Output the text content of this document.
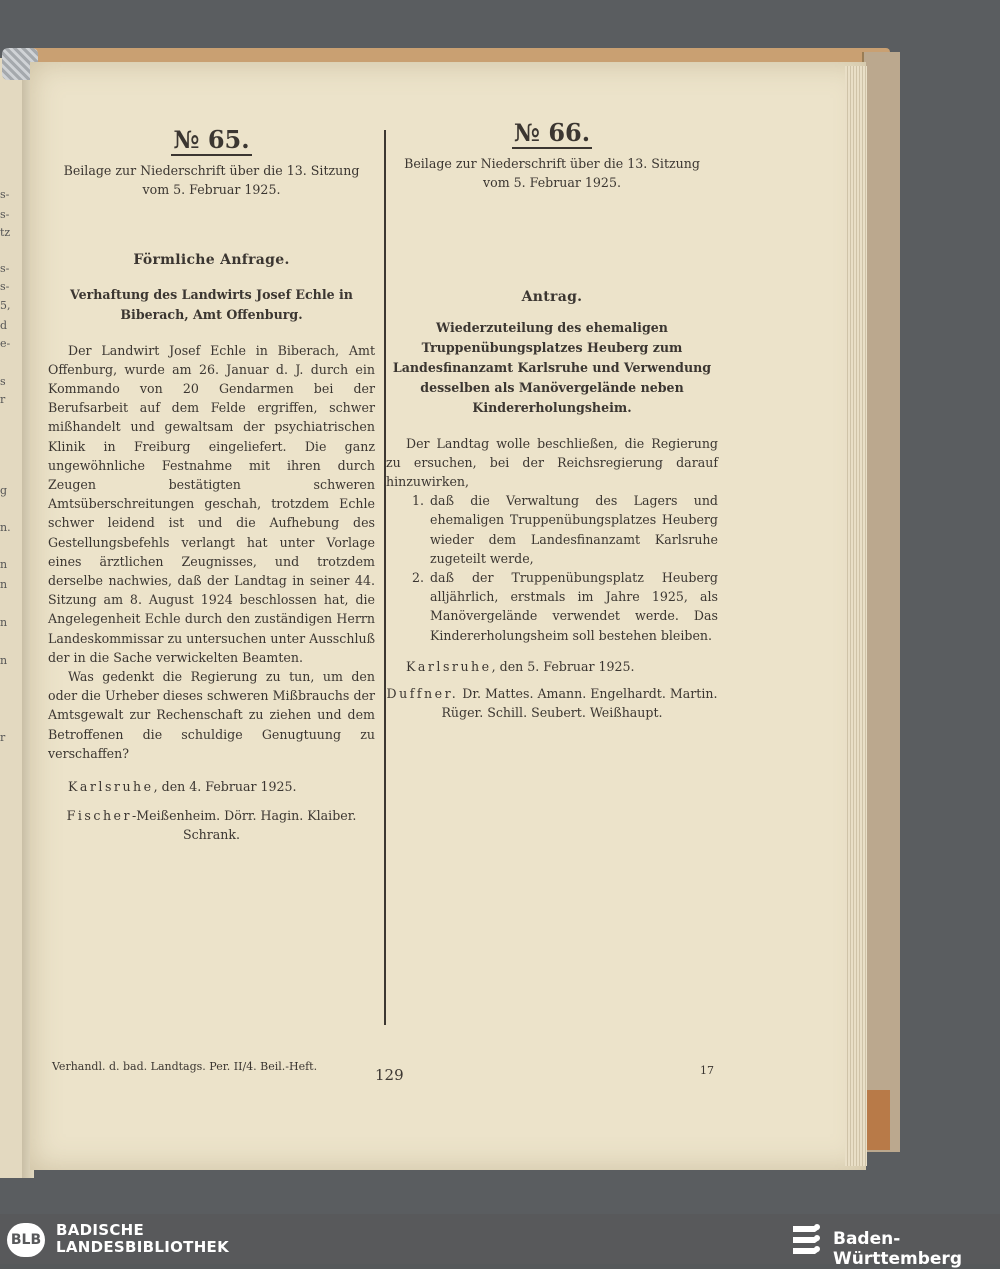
s-
s-
tz
s-
s-
5,
d
e-
s
r
g
n.
n
n
n
n
r
№ 65.
Beilage zur Niederschrift über die 13. Sitzung vom 5. Februar 1925.
Förmliche Anfrage.
Verhaftung des Landwirts Josef Echle in Biberach, Amt Offenburg.
Der Landwirt Josef Echle in Biberach, Amt Offenburg, wurde am 26. Januar d. J. durch ein Kommando von 20 Gendarmen bei der Berufsarbeit auf dem Felde ergriffen, schwer mißhandelt und gewaltsam der psychiatrischen Klinik in Freiburg eingeliefert. Die ganz ungewöhnliche Festnahme mit ihren durch Zeugen bestätigten schweren Amtsüberschreitungen geschah, trotzdem Echle schwer leidend ist und die Aufhebung des Gestellungsbefehls verlangt hat unter Vorlage eines ärztlichen Zeugnisses, und trotzdem derselbe nachwies, daß der Landtag in seiner 44. Sitzung am 8. August 1924 beschlossen hat, die Angelegenheit Echle durch den zuständigen Herrn Landeskommissar zu untersuchen unter Ausschluß der in die Sache verwickelten Beamten.
Was gedenkt die Regierung zu tun, um den oder die Urheber dieses schweren Mißbrauchs der Amtsgewalt zur Rechenschaft zu ziehen und dem Betroffenen die schuldige Genugtuung zu verschaffen?
Karlsruhe, den 4. Februar 1925.
Fischer-Meißenheim. Dörr. Hagin. Klaiber. Schrank.
№ 66.
Beilage zur Niederschrift über die 13. Sitzung vom 5. Februar 1925.
Antrag.
Wiederzuteilung des ehemaligen Truppenübungsplatzes Heuberg zum Landesfinanzamt Karlsruhe und Verwendung desselben als Manövergelände neben Kindererholungsheim.
Der Landtag wolle beschließen, die Regierung zu ersuchen, bei der Reichsregierung darauf hinzuwirken,
1. daß die Verwaltung des Lagers und ehemaligen Truppenübungsplatzes Heuberg wieder dem Landesfinanzamt Karlsruhe zugeteilt werde,
2. daß der Truppenübungsplatz Heuberg alljährlich, erstmals im Jahre 1925, als Manövergelände verwendet werde. Das Kindererholungsheim soll bestehen bleiben.
Karlsruhe, den 5. Februar 1925.
Duffner. Dr. Mattes. Amann. Engelhardt. Martin. Rüger. Schill. Seubert. Weißhaupt.
Verhandl. d. bad. Landtags. Per. II/4. Beil.-Heft.	129	17
BLB
BADISCHE
LANDESBIBLIOTHEK	Baden-Württemberg
